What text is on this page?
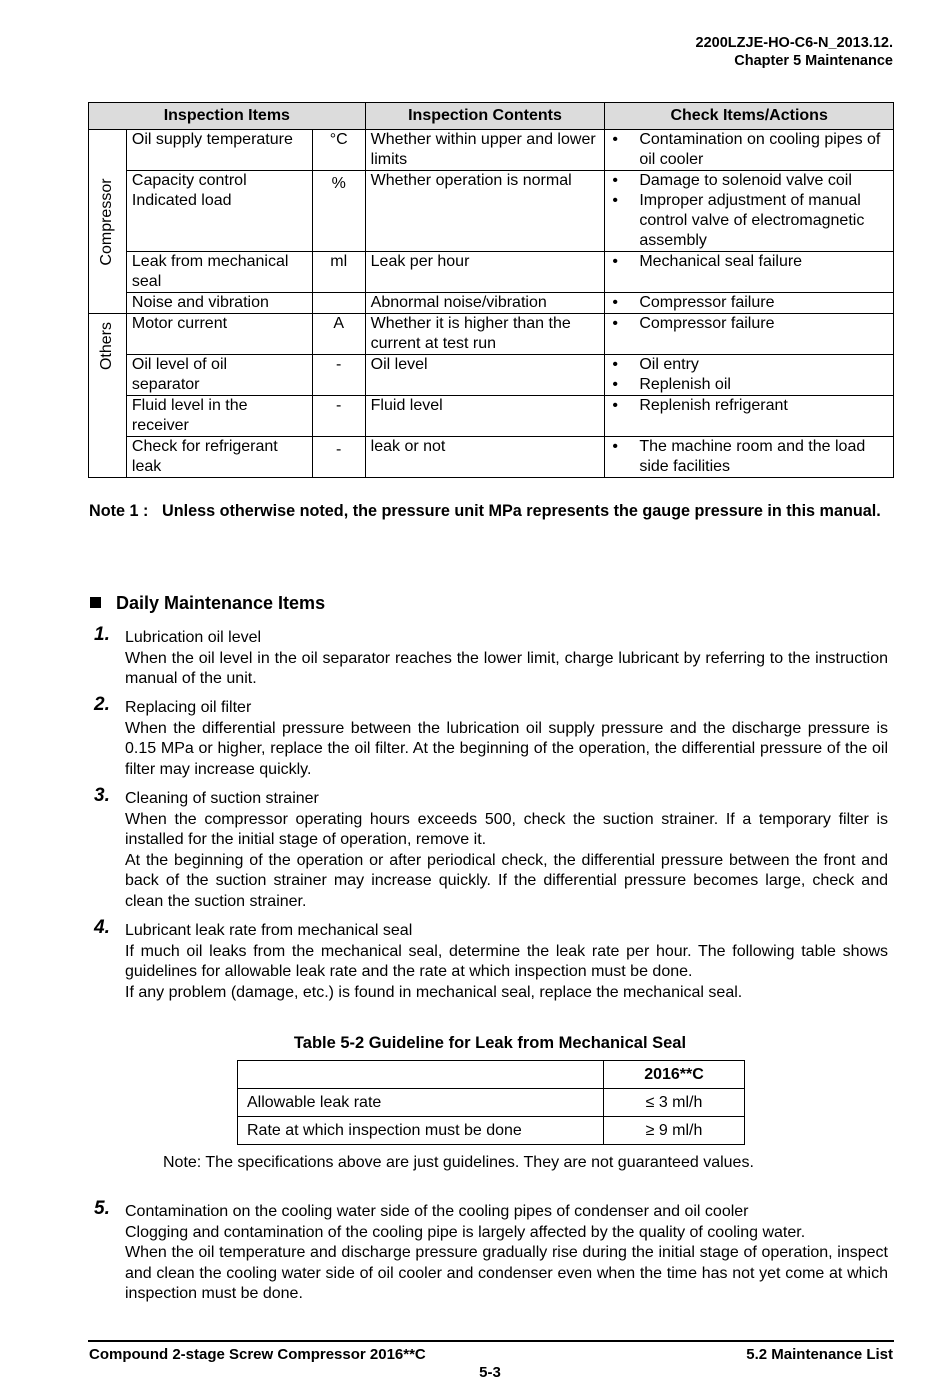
2200LZJE-HO-C6-N_2013.12.
Chapter 5 Maintenance
Inspection Items			Inspection Contents	Check Items/Actions

Compressor	Oil supply temperature	°C	Whether within upper and lower limits	• Contamination on cooling pipes of oil cooler

	Capacity control Indicated load	%	Whether operation is normal	• Damage to solenoid valve coil
• Improper adjustment of manual control valve of electromagnetic assembly

	Leak from mechanical seal	ml	Leak per hour	• Mechanical seal failure

	Noise and vibration		Abnormal noise/vibration	• Compressor failure

Others	Motor current	A	Whether it is higher than the current at test run	• Compressor failure

	Oil level of oil separator	-	Oil level	• Oil entry
• Replenish oil

	Fluid level in the receiver	-	Fluid level	• Replenish refrigerant

	Check for refrigerant leak	-	leak or not	• The machine room and the load side facilities
Note 1 : Unless otherwise noted, the pressure unit MPa represents the gauge pressure in this manual.
Daily Maintenance Items
1. Lubrication oil level

When the oil level in the oil separator reaches the lower limit, charge lubricant by referring to the instruction manual of the unit.

2. Replacing oil filter

When the differential pressure between the lubrication oil supply pressure and the discharge pressure is 0.15 MPa or higher, replace the oil filter. At the beginning of the operation, the differential pressure of the oil filter may increase quickly.

3. Cleaning of suction strainer

When the compressor operating hours exceeds 500, check the suction strainer. If a temporary filter is installed for the initial stage of operation, remove it.

At the beginning of the operation or after periodical check, the differential pressure between the front and back of the suction strainer may increase quickly. If the differential pressure becomes large, check and clean the suction strainer.

4. Lubricant leak rate from mechanical seal

If much oil leaks from the mechanical seal, determine the leak rate per hour. The following table shows guidelines for allowable leak rate and the rate at which inspection must be done.

If any problem (damage, etc.) is found in mechanical seal, replace the mechanical seal.

Table 5-2 Guideline for Leak from Mechanical Seal
	2016**C
Allowable leak rate	≤ 3 ml/h
Rate at which inspection must be done	≥ 9 ml/h
Note: The specifications above are just guidelines. They are not guaranteed values.
5. Contamination on the cooling water side of the cooling pipes of condenser and oil cooler

Clogging and contamination of the cooling pipe is largely affected by the quality of cooling water.

When the oil temperature and discharge pressure gradually rise during the initial stage of operation, inspect and clean the cooling water side of oil cooler and condenser even when the time has not yet come at which inspection must be done.

Compound 2-stage Screw Compressor 2016**C	5.2 Maintenance List
5-3
